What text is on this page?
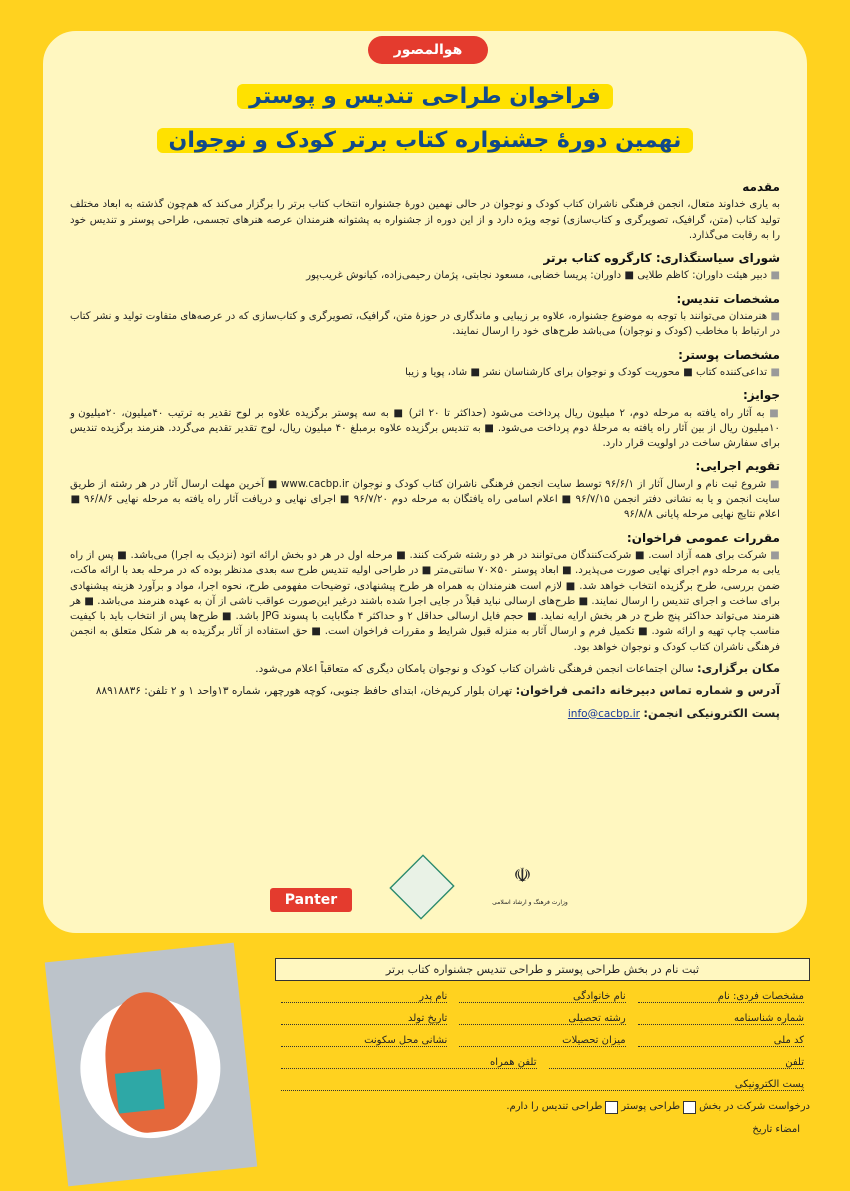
هوالمصور
فراخوان طراحی تندیس و پوستر
نهمین دورهٔ جشنواره کتاب برتر کودک و نوجوان
مقدمه

به یاری خداوند متعال، انجمن فرهنگی ناشران کتاب کودک و نوجوان در حالی نهمین دورهٔ جشنواره انتخاب کتاب برتر را برگزار می‌کند که هم‌چون گذشته به ابعاد مختلف تولید کتاب (متن، گرافیک، تصویرگری و کتاب‌سازی) توجه ویژه دارد و از این دوره از جشنواره به پشتوانه هنرمندان عرصه هنرهای تجسمی، طراحی پوستر و تندیس خود را به رقابت می‌گذارد.

شورای سیاستگذاری: کارگروه کتاب برتر

■ دبیر هیئت داوران: کاظم طلایی ■ داوران: پریسا خضابی، مسعود نجابتی، پژمان رحیمی‌زاده، کیانوش غریب‌پور

مشخصات تندیس:

■ هنرمندان می‌توانند با توجه به موضوع جشنواره، علاوه بر زیبایی و ماندگاری در حوزهٔ متن، گرافیک، تصویرگری و کتاب‌سازی که در عرصه‌های متفاوت تولید و نشر کتاب در ارتباط با مخاطب (کودک و نوجوان) می‌باشد طرح‌های خود را ارسال نمایند.

مشخصات پوستر:

■ تداعی‌کننده کتاب ■ محوریت کودک و نوجوان برای کارشناسان نشر ■ شاد، پویا و زیبا

جوایز:

■ به آثار راه یافته به مرحله دوم، ۲ میلیون ریال پرداخت می‌شود (حداکثر تا ۲۰ اثر) ■ به سه پوستر برگزیده علاوه بر لوح تقدیر به ترتیب ۴۰میلیون، ۲۰میلیون و ۱۰میلیون ریال از بین آثار راه یافته به مرحلهٔ دوم پرداخت می‌شود. ■ به تندیس برگزیده علاوه برمبلغ ۴۰ میلیون ریال، لوح تقدیر تقدیم می‌گردد. هنرمند برگزیده تندیس برای سفارش ساخت در اولویت قرار دارد.

تقویم اجرایی:

■ شروع ثبت نام و ارسال آثار از ۹۶/۶/۱ توسط سایت انجمن فرهنگی ناشران کتاب کودک و نوجوان www.cacbp.ir ■ آخرین مهلت ارسال آثار در هر رشته از طریق سایت انجمن و یا به نشانی دفتر انجمن ۹۶/۷/۱۵ ■ اعلام اسامی راه یافتگان به مرحله دوم ۹۶/۷/۲۰ ■ اجرای نهایی و دریافت آثار راه یافته به مرحله نهایی ۹۶/۸/۶ ■ اعلام نتایج نهایی مرحله پایانی ۹۶/۸/۸

مقررات عمومی فراخوان:

■ شرکت برای همه آزاد است. ■ شرکت‌کنندگان می‌توانند در هر دو رشته شرکت کنند. ■ مرحله اول در هر دو بخش ارائه اتود (نزدیک به اجرا) می‌باشد. ■ پس از راه یابی به مرحله دوم اجرای نهایی صورت می‌پذیرد. ■ ابعاد پوستر ۵۰×۷۰ سانتی‌متر ■ در طراحی اولیه تندیس طرح سه بعدی مدنظر بوده که در مرحله بعد با ارائه ماکت، ضمن بررسی، طرح برگزیده انتخاب خواهد شد. ■ لازم است هنرمندان به همراه هر طرح پیشنهادی، توضیحات مفهومی طرح، نحوه اجرا، مواد و برآورد هزینه پیشنهادی برای ساخت و اجرای تندیس را ارسال نمایند. ■ طرح‌های ارسالی نباید قبلاً در جایی اجرا شده باشند درغیر این‌صورت عواقب ناشی از آن به عهده هنرمند می‌باشد. ■ هر هنرمند می‌تواند حداکثر پنج طرح در هر بخش ارایه نماید. ■ حجم فایل ارسالی حداقل ۲ و حداکثر ۴ مگابایت با پسوند JPG باشد. ■ طرح‌ها پس از انتخاب باید با کیفیت مناسب چاپ تهیه و ارائه شود. ■ تکمیل فرم و ارسال آثار به منزله قبول شرایط و مقررات فراخوان است. ■ حق استفاده از آثار برگزیده به هر شکل متعلق به انجمن فرهنگی ناشران کتاب کودک و نوجوان خواهد بود.

مکان برگزاری: سالن اجتماعات انجمن فرهنگی ناشران کتاب کودک و نوجوان یامکان دیگری که متعاقباً اعلام می‌شود.
آدرس و شماره تماس دبیرخانه دائمی فراخوان: تهران بلوار کریم‌خان، ابتدای حافظ جنوبی، کوچه هورچهر، شماره ۱۳واحد ۱ و ۲ تلفن: ۸۸۹۱۸۸۳۶
پست الکترونیکی انجمن: info@cacbp.ir
Panter
☫
وزارت فرهنگ و ارشاد اسلامی
ثبت نام در بخش طراحی پوستر و طراحی تندیس جشنواره کتاب برتر
مشخصات فردی: نام
نام خانوادگی
نام پدر
شماره شناسنامه
رشته تحصیلی
تاریخ تولد
کد ملی
میزان تحصیلات
نشانی محل سکونت
تلفن
تلفن همراه
پست الکترونیکی
درخواست شرکت در بخش
طراحی پوستر
طراحی تندیس را دارم.
امضاء تاریخ
